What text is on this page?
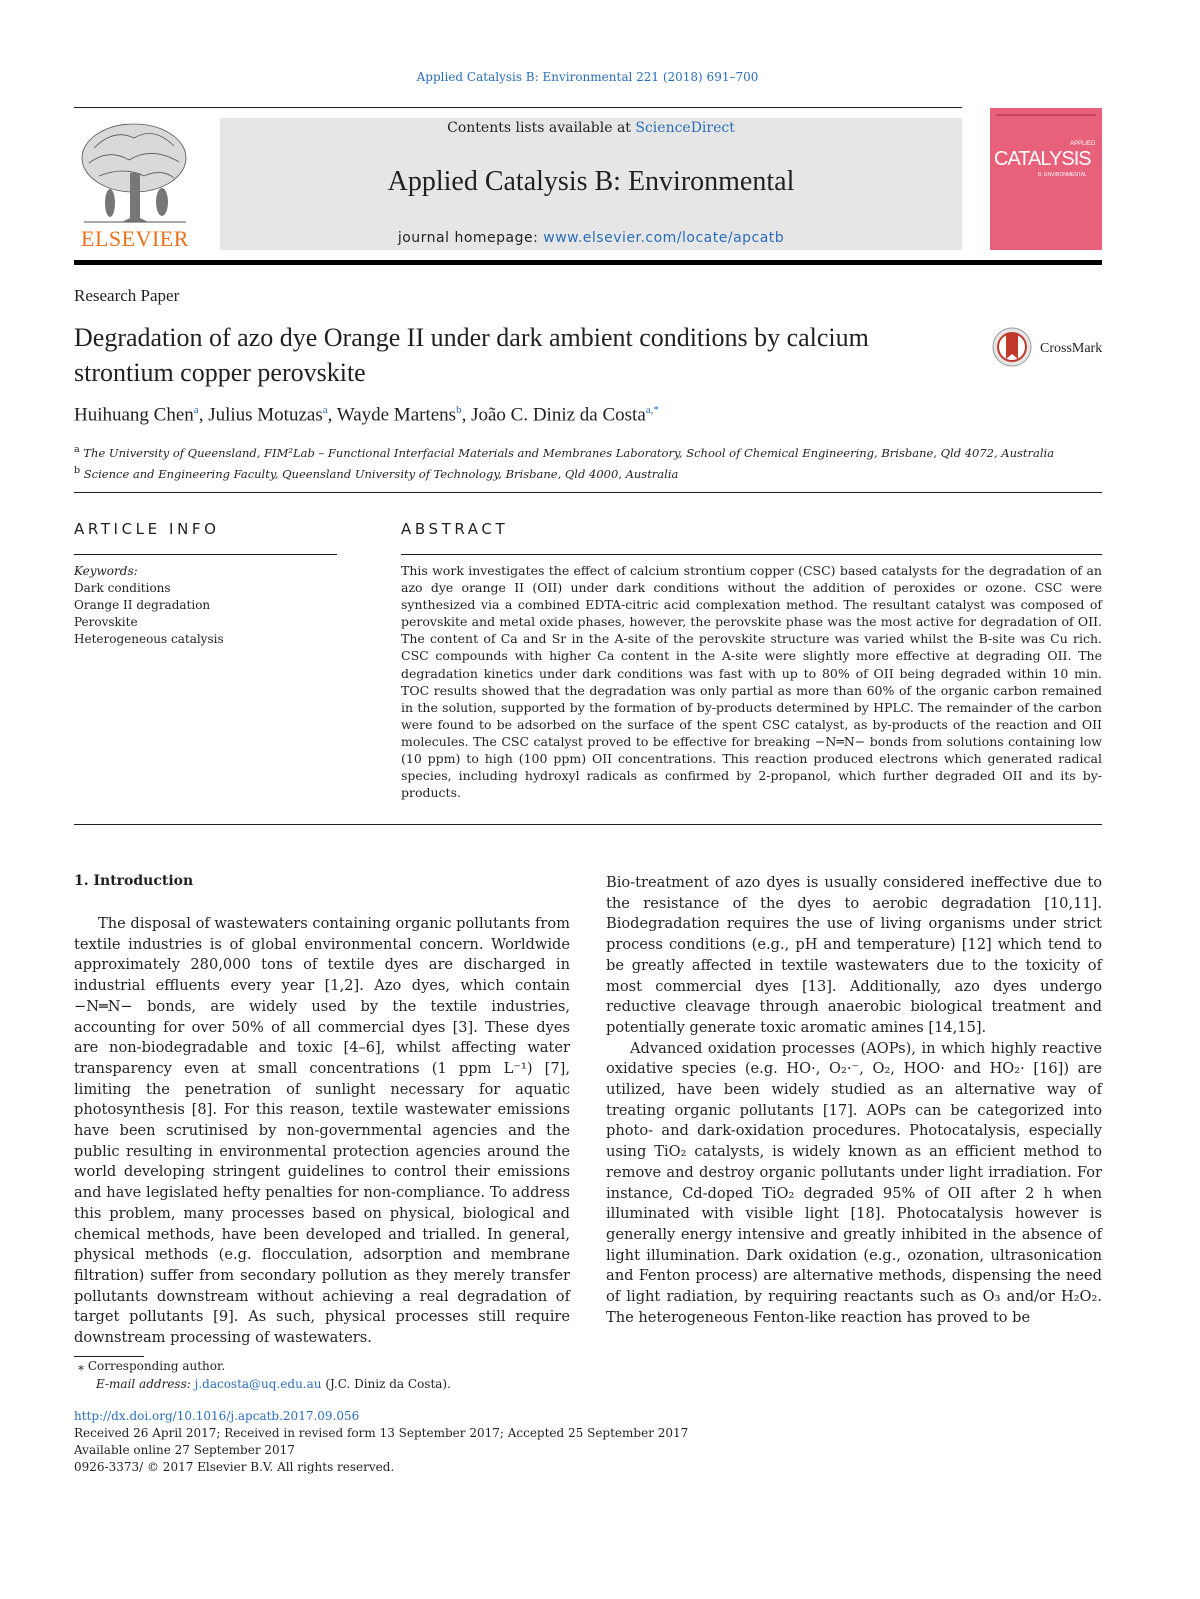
Applied Catalysis B: Environmental 221 (2018) 691–700
ELSEVIER
Contents lists available at ScienceDirect
Applied Catalysis B: Environmental
journal homepage: www.elsevier.com/locate/apcatb
APPLIED
CATALYSIS
B: ENVIRONMENTAL
Research Paper
Degradation of azo dye Orange II under dark ambient conditions by calcium strontium copper perovskite
CrossMark
Huihuang Chen$^a$, Julius Motuzas$^a$, Wayde Martens$^b$, João C. Diniz da Costa$^{a,*}$
$^a$ The University of Queensland, FIM²Lab – Functional Interfacial Materials and Membranes Laboratory, School of Chemical Engineering, Brisbane, Qld 4072, Australia
$^b$ Science and Engineering Faculty, Queensland University of Technology, Brisbane, Qld 4000, Australia
ARTICLE INFO	ABSTRACT
Keywords:
Dark conditions
Orange II degradation
Perovskite
Heterogeneous catalysis
This work investigates the effect of calcium strontium copper (CSC) based catalysts for the degradation of an azo dye orange II (OII) under dark conditions without the addition of peroxides or ozone. CSC were synthesized via a combined EDTA-citric acid complexation method. The resultant catalyst was composed of perovskite and metal oxide phases, however, the perovskite phase was the most active for degradation of OII. The content of Ca and Sr in the A-site of the perovskite structure was varied whilst the B-site was Cu rich. CSC compounds with higher Ca content in the A-site were slightly more effective at degrading OII. The degradation kinetics under dark conditions was fast with up to 80% of OII being degraded within 10 min. TOC results showed that the degradation was only partial as more than 60% of the organic carbon remained in the solution, supported by the formation of by-products determined by HPLC. The remainder of the carbon were found to be adsorbed on the surface of the spent CSC catalyst, as by-products of the reaction and OII molecules. The CSC catalyst proved to be effective for breaking −N═N− bonds from solutions containing low (10 ppm) to high (100 ppm) OII concentrations. This reaction produced electrons which generated radical species, including hydroxyl radicals as confirmed by 2-propanol, which further degraded OII and its by-products.
1. Introduction

The disposal of wastewaters containing organic pollutants from textile industries is of global environmental concern. Worldwide approximately 280,000 tons of textile dyes are discharged in industrial effluents every year [1,2]. Azo dyes, which contain −N═N− bonds, are widely used by the textile industries, accounting for over 50% of all commercial dyes [3]. These dyes are non-biodegradable and toxic [4–6], whilst affecting water transparency even at small concentrations (1 ppm L⁻¹) [7], limiting the penetration of sunlight necessary for aquatic photosynthesis [8]. For this reason, textile wastewater emissions have been scrutinised by non-governmental agencies and the public resulting in environmental protection agencies around the world developing stringent guidelines to control their emissions and have legislated hefty penalties for non-compliance. To address this problem, many processes based on physical, biological and chemical methods, have been developed and trialled. In general, physical methods (e.g. flocculation, adsorption and membrane filtration) suffer from secondary pollution as they merely transfer pollutants downstream without achieving a real degradation of target pollutants [9]. As such, physical processes still require downstream processing of wastewaters.

Bio-treatment of azo dyes is usually considered ineffective due to the resistance of the dyes to aerobic degradation [10,11]. Biodegradation requires the use of living organisms under strict process conditions (e.g., pH and temperature) [12] which tend to be greatly affected in textile wastewaters due to the toxicity of most commercial dyes [13]. Additionally, azo dyes undergo reductive cleavage through anaerobic biological treatment and potentially generate toxic aromatic amines [14,15].

Advanced oxidation processes (AOPs), in which highly reactive oxidative species (e.g. HO·, O₂·⁻, O₂, HOO· and HO₂· [16]) are utilized, have been widely studied as an alternative way of treating organic pollutants [17]. AOPs can be categorized into photo- and dark-oxidation procedures. Photocatalysis, especially using TiO₂ catalysts, is widely known as an efficient method to remove and destroy organic pollutants under light irradiation. For instance, Cd-doped TiO₂ degraded 95% of OII after 2 h when illuminated with visible light [18]. Photocatalysis however is generally energy intensive and greatly inhibited in the absence of light illumination. Dark oxidation (e.g., ozonation, ultrasonication and Fenton process) are alternative methods, dispensing the need of light radiation, by requiring reactants such as O₃ and/or H₂O₂. The heterogeneous Fenton-like reaction has proved to be

⁎ Corresponding author.
E-mail address: j.dacosta@uq.edu.au (J.C. Diniz da Costa).
http://dx.doi.org/10.1016/j.apcatb.2017.09.056
Received 26 April 2017; Received in revised form 13 September 2017; Accepted 25 September 2017
Available online 27 September 2017
0926-3373/ © 2017 Elsevier B.V. All rights reserved.
